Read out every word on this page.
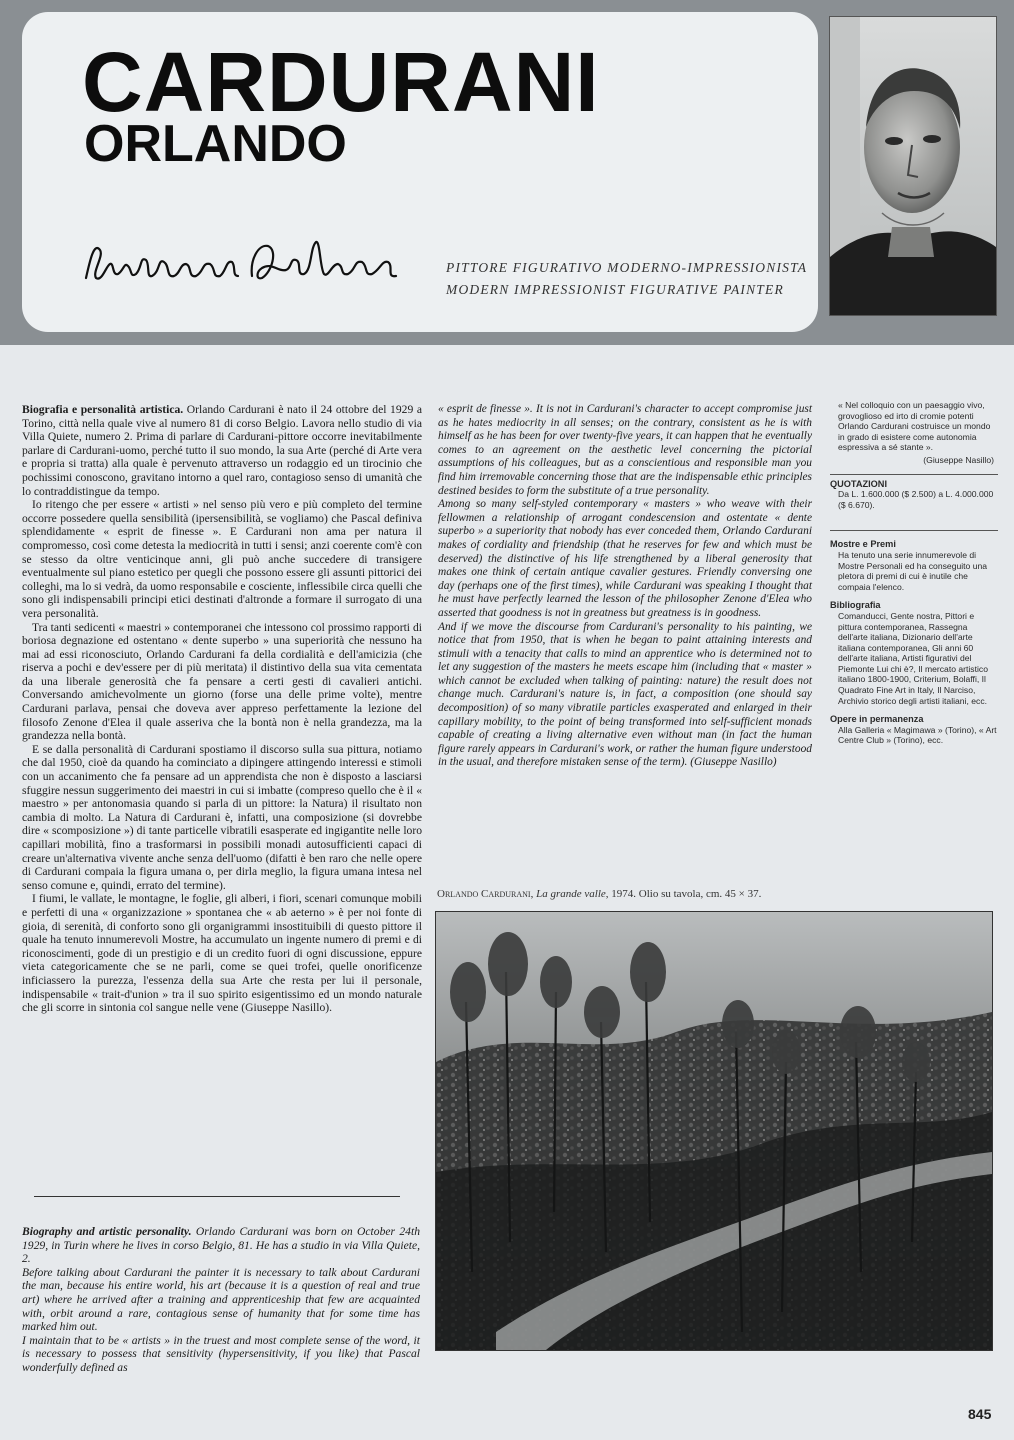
CARDURANI
ORLANDO
PITTORE FIGURATIVO MODERNO-IMPRESSIONISTA
MODERN IMPRESSIONIST FIGURATIVE PAINTER

Biografia e personalità artistica. Orlando Cardurani è nato il 24 ottobre del 1929 a Torino, città nella quale vive al numero 81 di corso Belgio. Lavora nello studio di via Villa Quiete, numero 2. Prima di parlare di Cardurani-pittore occorre inevitabilmente parlare di Cardurani-uomo, perché tutto il suo mondo, la sua Arte (perché di Arte vera e propria si tratta) alla quale è pervenuto attraverso un rodaggio ed un tirocinio che pochissimi conoscono, gravitano intorno a quel raro, contagioso senso di umanità che lo contraddistingue da tempo.

Io ritengo che per essere « artisti » nel senso più vero e più completo del termine occorre possedere quella sensibilità (ipersensibilità, se vogliamo) che Pascal definiva splendidamente « esprit de finesse ». E Cardurani non ama per natura il compromesso, così come detesta la mediocrità in tutti i sensi; anzi coerente com'è con se stesso da oltre venticinque anni, gli può anche succedere di transigere eventualmente sul piano estetico per quegli che possono essere gli assunti pittorici dei colleghi, ma lo si vedrà, da uomo responsabile e cosciente, inflessibile circa quelli che sono gli indispensabili principi etici destinati d'altronde a formare il surrogato di una vera personalità.

Tra tanti sedicenti « maestri » contemporanei che intessono col prossimo rapporti di boriosa degnazione ed ostentano « dente superbo » una superiorità che nessuno ha mai ad essi riconosciuto, Orlando Cardurani fa della cordialità e dell'amicizia (che riserva a pochi e dev'essere per di più meritata) il distintivo della sua vita cementata da una liberale generosità che fa pensare a certi gesti di cavalieri antichi. Conversando amichevolmente un giorno (forse una delle prime volte), mentre Cardurani parlava, pensai che doveva aver appreso perfettamente la lezione del filosofo Zenone d'Elea il quale asseriva che la bontà non è nella grandezza, ma la grandezza nella bontà.

E se dalla personalità di Cardurani spostiamo il discorso sulla sua pittura, notiamo che dal 1950, cioè da quando ha cominciato a dipingere attingendo interessi e stimoli con un accanimento che fa pensare ad un apprendista che non è disposto a lasciarsi sfuggire nessun suggerimento dei maestri in cui si imbatte (compreso quello che è il « maestro » per antonomasia quando si parla di un pittore: la Natura) il risultato non cambia di molto. La Natura di Cardurani è, infatti, una composizione (si dovrebbe dire « scomposizione ») di tante particelle vibratili esasperate ed ingigantite nelle loro capillari mobilità, fino a trasformarsi in possibili monadi autosufficienti capaci di creare un'alternativa vivente anche senza dell'uomo (difatti è ben raro che nelle opere di Cardurani compaia la figura umana o, per dirla meglio, la figura umana intesa nel senso comune e, quindi, errato del termine).

I fiumi, le vallate, le montagne, le foglie, gli alberi, i fiori, scenari comunque mobili e perfetti di una « organizzazione » spontanea che « ab aeterno » è per noi fonte di gioia, di serenità, di conforto sono gli organigrammi insostituibili di questo pittore il quale ha tenuto innumerevoli Mostre, ha accumulato un ingente numero di premi e di riconoscimenti, gode di un prestigio e di un credito fuori di ogni discussione, eppure vieta categoricamente che se ne parli, come se quei trofei, quelle onorificenze inficiassero la purezza, l'essenza della sua Arte che resta per lui il personale, indispensabile « trait-d'union » tra il suo spirito esigentissimo ed un mondo naturale che gli scorre in sintonia col sangue nelle vene (Giuseppe Nasillo).

Biography and artistic personality. Orlando Cardurani was born on October 24th 1929, in Turin where he lives in corso Belgio, 81. He has a studio in via Villa Quiete, 2.

Before talking about Cardurani the painter it is necessary to talk about Cardurani the man, because his entire world, his art (because it is a question of real and true art) where he arrived after a training and apprenticeship that few are acquainted with, orbit around a rare, contagious sense of humanity that for some time has marked him out.

I maintain that to be « artists » in the truest and most complete sense of the word, it is necessary to possess that sensitivity (hypersensitivity, if you like) that Pascal wonderfully defined as

« esprit de finesse ». It is not in Cardurani's character to accept compromise just as he hates mediocrity in all senses; on the contrary, consistent as he is with himself as he has been for over twenty-five years, it can happen that he eventually comes to an agreement on the aesthetic level concerning the pictorial assumptions of his colleagues, but as a conscientious and responsible man you find him irremovable concerning those that are the indispensable ethic principles destined besides to form the substitute of a true personality.

Among so many self-styled contemporary « masters » who weave with their fellowmen a relationship of arrogant condescension and ostentate « dente superbo » a superiority that nobody has ever conceded them, Orlando Cardurani makes of cordiality and friendship (that he reserves for few and which must be deserved) the distinctive of his life strengthened by a liberal generosity that makes one think of certain antique cavalier gestures. Friendly conversing one day (perhaps one of the first times), while Cardurani was speaking I thought that he must have perfectly learned the lesson of the philosopher Zenone d'Elea who asserted that goodness is not in greatness but greatness is in goodness.

And if we move the discourse from Cardurani's personality to his painting, we notice that from 1950, that is when he began to paint attaining interests and stimuli with a tenacity that calls to mind an apprentice who is determined not to let any suggestion of the masters he meets escape him (including that « master » which cannot be excluded when talking of painting: nature) the result does not change much. Cardurani's nature is, in fact, a composition (one should say decomposition) of so many vibratile particles exasperated and enlarged in their capillary mobility, to the point of being transformed into self-sufficient monads capable of creating a living alternative even without man (in fact the human figure rarely appears in Cardurani's work, or rather the human figure understood in the usual, and therefore mistaken sense of the term). (Giuseppe Nasillo)

« Nel colloquio con un paesaggio vivo, grovoglioso ed irto di cromie potenti Orlando Cardurani costruisce un mondo in grado di esistere come autonomia espressiva a sé stante ».
(Giuseppe Nasillo)
QUOTAZIONI
Da L. 1.600.000 ($ 2.500) a L. 4.000.000 ($ 6.670).
Mostre e Premi
Ha tenuto una serie innumerevole di Mostre Personali ed ha conseguito una pletora di premi di cui è inutile che compaia l'elenco.
Bibliografia
Comanducci, Gente nostra, Pittori e pittura contemporanea, Rassegna dell'arte italiana, Dizionario dell'arte italiana contemporanea, Gli anni 60 dell'arte italiana, Artisti figurativi del Piemonte Lui chi è?, Il mercato artistico italiano 1800-1900, Criterium, Bolaffi, Il Quadrato Fine Art in Italy, Il Narciso, Archivio storico degli artisti italiani, ecc.
Opere in permanenza
Alla Galleria « Magimawa » (Torino), « Art Centre Club » (Torino), ecc.
Orlando Cardurani, La grande valle, 1974. Olio su tavola, cm. 45 × 37.
845
